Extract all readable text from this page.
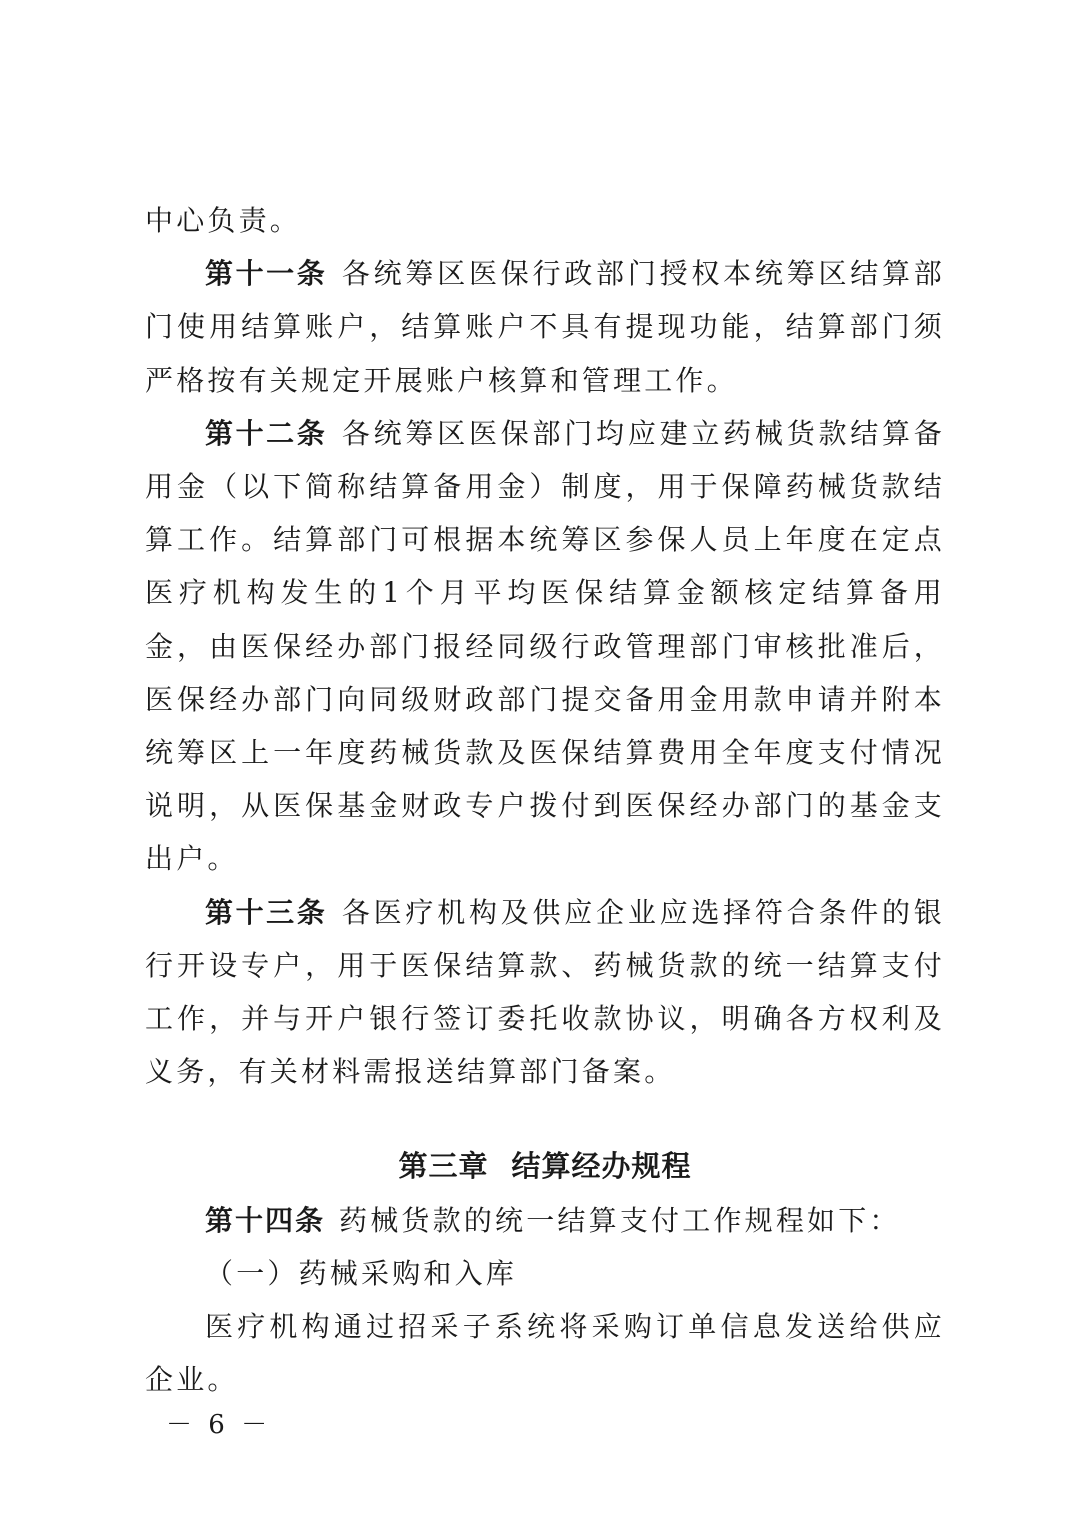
中心负责。

第十一条 各统筹区医保行政部门授权本统筹区结算部门使用结算账户，结算账户不具有提现功能，结算部门须严格按有关规定开展账户核算和管理工作。

第十二条 各统筹区医保部门均应建立药械货款结算备用金（以下简称结算备用金）制度，用于保障药械货款结算工作。结算部门可根据本统筹区参保人员上年度在定点医疗机构发生的1个月平均医保结算金额核定结算备用金，由医保经办部门报经同级行政管理部门审核批准后，医保经办部门向同级财政部门提交备用金用款申请并附本统筹区上一年度药械货款及医保结算费用全年度支付情况说明，从医保基金财政专户拨付到医保经办部门的基金支出户。

第十三条 各医疗机构及供应企业应选择符合条件的银行开设专户，用于医保结算款、药械货款的统一结算支付工作，并与开户银行签订委托收款协议，明确各方权利及义务，有关材料需报送结算部门备案。

第三章 结算经办规程

第十四条 药械货款的统一结算支付工作规程如下：

（一）药械采购和入库

医疗机构通过招采子系统将采购订单信息发送给供应企业。

－ 6 －
